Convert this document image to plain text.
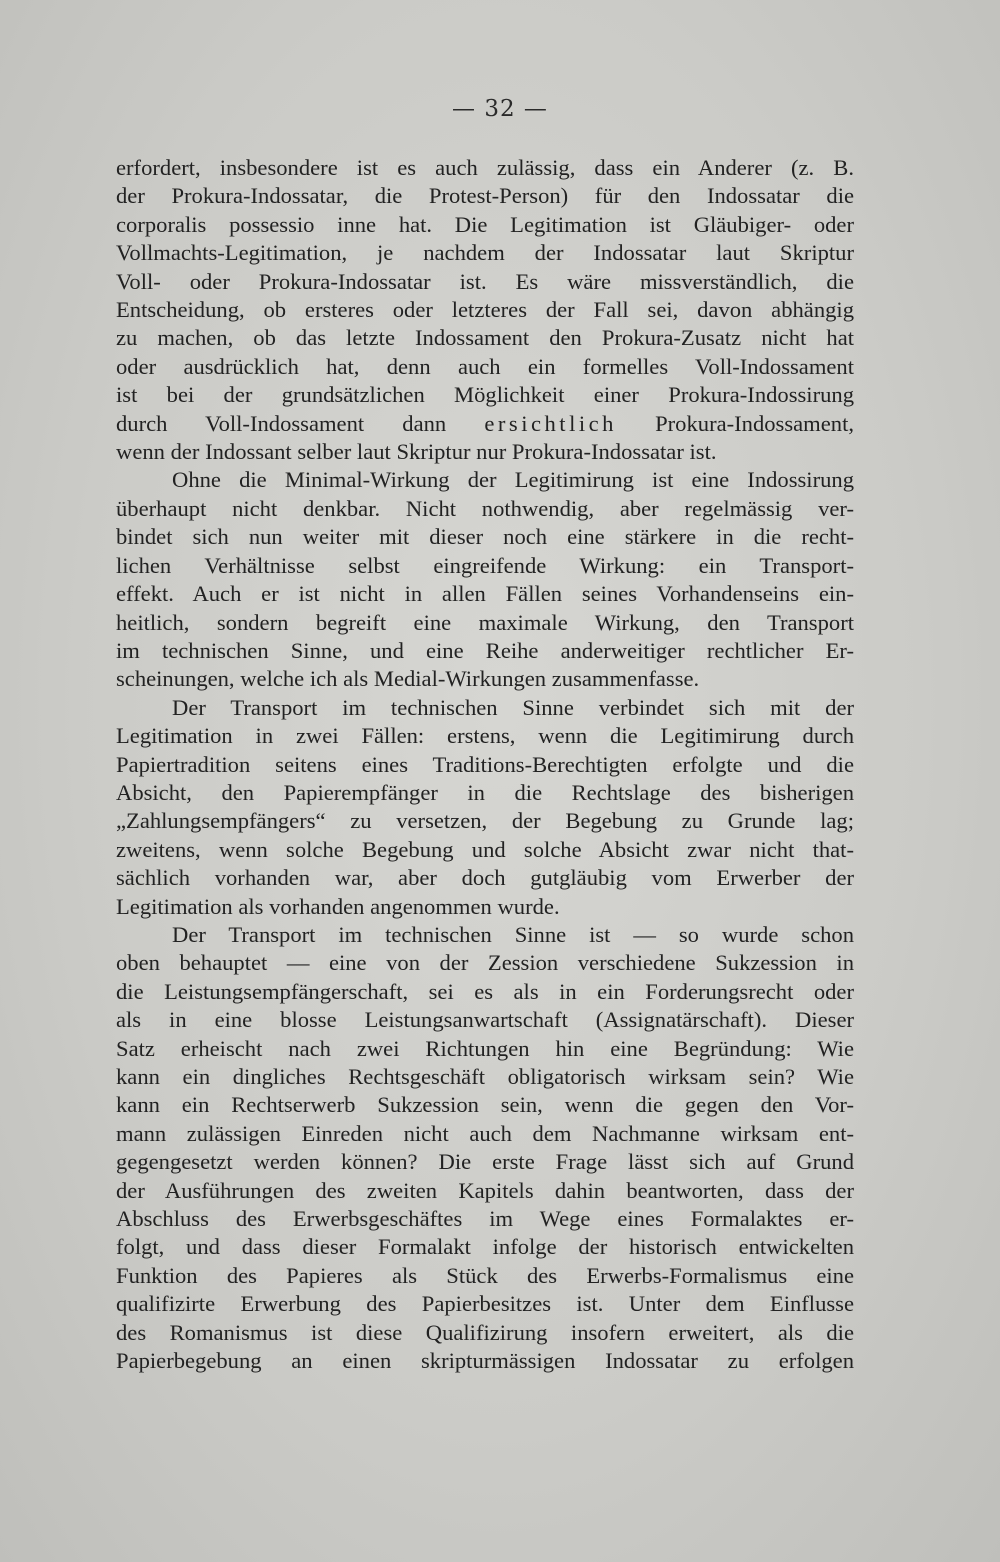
— 32 —
erfordert, insbesondere ist es auch zulässig, dass ein Anderer (z. B.
der Prokura-Indossatar, die Protest-Person) für den Indossatar die
corporalis possessio inne hat. Die Legitimation ist Gläubiger- oder
Vollmachts-Legitimation, je nachdem der Indossatar laut Skriptur
Voll- oder Prokura-Indossatar ist. Es wäre missverständlich, die
Entscheidung, ob ersteres oder letzteres der Fall sei, davon abhängig
zu machen, ob das letzte Indossament den Prokura-Zusatz nicht hat
oder ausdrücklich hat, denn auch ein formelles Voll-Indossament
ist bei der grundsätzlichen Möglichkeit einer Prokura-Indossirung
durch Voll-Indossament dann ersichtlich Prokura-Indossament,
wenn der Indossant selber laut Skriptur nur Prokura-Indossatar ist.
Ohne die Minimal-Wirkung der Legitimirung ist eine Indossirung
überhaupt nicht denkbar. Nicht nothwendig, aber regelmässig ver-
bindet sich nun weiter mit dieser noch eine stärkere in die recht-
lichen Verhältnisse selbst eingreifende Wirkung: ein Transport-
effekt. Auch er ist nicht in allen Fällen seines Vorhandenseins ein-
heitlich, sondern begreift eine maximale Wirkung, den Transport
im technischen Sinne, und eine Reihe anderweitiger rechtlicher Er-
scheinungen, welche ich als Medial-Wirkungen zusammenfasse.
Der Transport im technischen Sinne verbindet sich mit der
Legitimation in zwei Fällen: erstens, wenn die Legitimirung durch
Papiertradition seitens eines Traditions-Berechtigten erfolgte und die
Absicht, den Papierempfänger in die Rechtslage des bisherigen
„Zahlungsempfängers“ zu versetzen, der Begebung zu Grunde lag;
zweitens, wenn solche Begebung und solche Absicht zwar nicht that-
sächlich vorhanden war, aber doch gutgläubig vom Erwerber der
Legitimation als vorhanden angenommen wurde.
Der Transport im technischen Sinne ist — so wurde schon
oben behauptet — eine von der Zession verschiedene Sukzession in
die Leistungsempfängerschaft, sei es als in ein Forderungsrecht oder
als in eine blosse Leistungsanwartschaft (Assignatärschaft). Dieser
Satz erheischt nach zwei Richtungen hin eine Begründung: Wie
kann ein dingliches Rechtsgeschäft obligatorisch wirksam sein? Wie
kann ein Rechtserwerb Sukzession sein, wenn die gegen den Vor-
mann zulässigen Einreden nicht auch dem Nachmanne wirksam ent-
gegengesetzt werden können? Die erste Frage lässt sich auf Grund
der Ausführungen des zweiten Kapitels dahin beantworten, dass der
Abschluss des Erwerbsgeschäftes im Wege eines Formalaktes er-
folgt, und dass dieser Formalakt infolge der historisch entwickelten
Funktion des Papieres als Stück des Erwerbs-Formalismus eine
qualifizirte Erwerbung des Papierbesitzes ist. Unter dem Einflusse
des Romanismus ist diese Qualifizirung insofern erweitert, als die
Papierbegebung an einen skripturmässigen Indossatar zu erfolgen
